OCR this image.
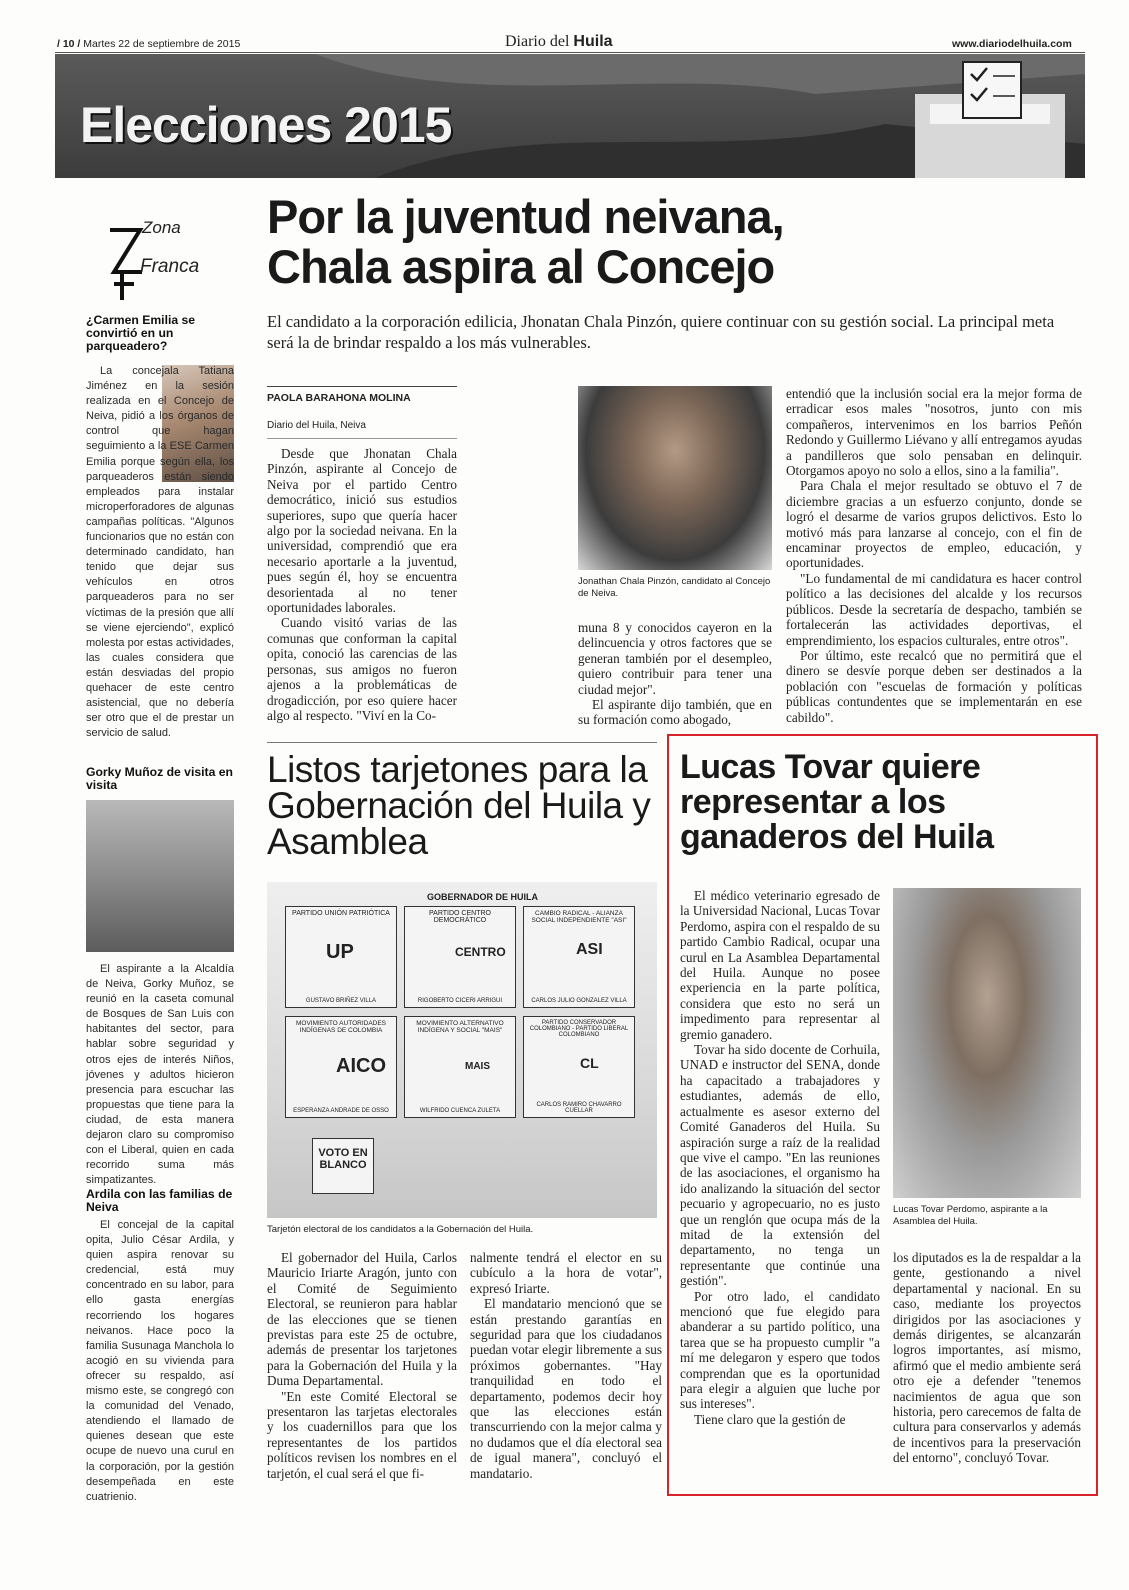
/ 10 / Martes 22 de septiembre de 2015	Diario del Huila	www.diariodelhuila.com
Elecciones 2015
Zona
Franca
¿Carmen Emilia se convirtió en un parqueadero?

La concejala Tatiana Jiménez en la sesión realizada en el Concejo de Neiva, pidió a los órganos de control que hagan seguimiento a la ESE Carmen Emilia porque según ella, los parqueaderos están siendo empleados para instalar microperforadores de algunas campañas políticas. "Algunos funcionarios que no están con determinado candidato, han tenido que dejar sus vehículos en otros parqueaderos para no ser víctimas de la presión que allí se viene ejerciendo", explicó molesta por estas actividades, las cuales considera que están desviadas del propio quehacer de este centro asistencial, que no debería ser otro que el de prestar un servicio de salud.

Gorky Muñoz de visita en visita

El aspirante a la Alcaldía de Neiva, Gorky Muñoz, se reunió en la caseta comunal de Bosques de San Luis con habitantes del sector, para hablar sobre seguridad y otros ejes de interés Niños, jóvenes y adultos hicieron presencia para escuchar las propuestas que tiene para la ciudad, de esta manera dejaron claro su compromiso con el Liberal, quien en cada recorrido suma más simpatizantes.

Ardila con las familias de Neiva

El concejal de la capital opita, Julio César Ardila, y quien aspira renovar su credencial, está muy concentrado en su labor, para ello gasta energías recorriendo los hogares neivanos. Hace poco la familia Susunaga Manchola lo acogió en su vivienda para ofrecer su respaldo, así mismo este, se congregó con la comunidad del Venado, atendiendo el llamado de quienes desean que este ocupe de nuevo una curul en la corporación, por la gestión desempeñada en este cuatrienio.

Por la juventud neivana,
Chala aspira al Concejo
El candidato a la corporación edilicia, Jhonatan Chala Pinzón, quiere continuar con su gestión social. La principal meta será la de brindar respaldo a los más vulnerables.
PAOLA BARAHONA MOLINA
Diario del Huila, Neiva

Desde que Jhonatan Chala Pinzón, aspirante al Concejo de Neiva por el partido Centro democrático, inició sus estudios superiores, supo que quería hacer algo por la sociedad neivana. En la universidad, comprendió que era necesario aportarle a la juventud, pues según él, hoy se encuentra desorientada al no tener oportunidades laborales.

Cuando visitó varias de las comunas que conforman la capital opita, conoció las carencias de las personas, sus amigos no fueron ajenos a la problemáticas de drogadicción, por eso quiere hacer algo al respecto. "Viví en la Co-

Jonathan Chala Pinzón, candidato al Concejo de Neiva.

muna 8 y conocidos cayeron en la delincuencia y otros factores que se generan también por el desempleo, quiero contribuir para tener una ciudad mejor".

El aspirante dijo también, que en su formación como abogado,

entendió que la inclusión social era la mejor forma de erradicar esos males "nosotros, junto con mis compañeros, intervenimos en los barrios Peñón Redondo y Guillermo Liévano y allí entregamos ayudas a pandilleros que solo pensaban en delinquir. Otorgamos apoyo no solo a ellos, sino a la familia".

Para Chala el mejor resultado se obtuvo el 7 de diciembre gracias a un esfuerzo conjunto, donde se logró el desarme de varios grupos delictivos. Esto lo motivó más para lanzarse al concejo, con el fin de encaminar proyectos de empleo, educación, y oportunidades.

"Lo fundamental de mi candidatura es hacer control político a las decisiones del alcalde y los recursos públicos. Desde la secretaría de despacho, también se fortalecerán las actividades deportivas, el emprendimiento, los espacios culturales, entre otros".

Por último, este recalcó que no permitirá que el dinero se desvíe porque deben ser destinados a la población con "escuelas de formación y políticas públicas contundentes que se implementarán en ese cabildo".

Listos tarjetones para la Gobernación del Huila y Asamblea
GOBERNADOR DE HUILA
PARTIDO UNIÓN PATRIÓTICA
UP
GUSTAVO BRIÑEZ VILLA
PARTIDO CENTRO DEMOCRÁTICO
CENTRO
RIGOBERTO CICERI ARRIGUI
CAMBIO RADICAL - ALIANZA SOCIAL INDEPENDIENTE "ASI"
ASI
CARLOS JULIO GONZALEZ VILLA
MOVIMIENTO AUTORIDADES INDÍGENAS DE COLOMBIA
AICO
ESPERANZA ANDRADE DE OSSO
MOVIMIENTO ALTERNATIVO INDÍGENA Y SOCIAL "MAIS"
MAIS
WILFRIDO CUENCA ZULETA
PARTIDO CONSERVADOR COLOMBIANO - PARTIDO LIBERAL COLOMBIANO
CL
CARLOS RAMIRO CHAVARRO CUELLAR
VOTO EN BLANCO
Tarjetón electoral de los candidatos a la Gobernación del Huila.

El gobernador del Huila, Carlos Mauricio Iriarte Aragón, junto con el Comité de Seguimiento Electoral, se reunieron para hablar de las elecciones que se tienen previstas para este 25 de octubre, además de presentar los tarjetones para la Gobernación del Huila y la Duma Departamental.

"En este Comité Electoral se presentaron las tarjetas electorales y los cuadernillos para que los representantes de los partidos políticos revisen los nombres en el tarjetón, el cual será el que fi-

nalmente tendrá el elector en su cubículo a la hora de votar", expresó Iriarte.

El mandatario mencionó que se están prestando garantías en seguridad para que los ciudadanos puedan votar elegir libremente a sus próximos gobernantes. "Hay tranquilidad en todo el departamento, podemos decir hoy que las elecciones están transcurriendo con la mejor calma y no dudamos que el día electoral sea de igual manera", concluyó el mandatario.

Lucas Tovar quiere representar a los ganaderos del Huila

El médico veterinario egresado de la Universidad Nacional, Lucas Tovar Perdomo, aspira con el respaldo de su partido Cambio Radical, ocupar una curul en La Asamblea Departamental del Huila. Aunque no posee experiencia en la parte política, considera que esto no será un impedimento para representar al gremio ganadero.

Tovar ha sido docente de Corhuila, UNAD e instructor del SENA, donde ha capacitado a trabajadores y estudiantes, además de ello, actualmente es asesor externo del Comité Ganaderos del Huila. Su aspiración surge a raíz de la realidad que vive el campo. "En las reuniones de las asociaciones, el organismo ha ido analizando la situación del sector pecuario y agropecuario, no es justo que un renglón que ocupa más de la mitad de la extensión del departamento, no tenga un representante que continúe una gestión".

Por otro lado, el candidato mencionó que fue elegido para abanderar a su partido político, una tarea que se ha propuesto cumplir "a mí me delegaron y espero que todos comprendan que es la oportunidad para elegir a alguien que luche por sus intereses".

Tiene claro que la gestión de

Lucas Tovar Perdomo, aspirante a la Asamblea del Huila.

los diputados es la de respaldar a la gente, gestionando a nivel departamental y nacional. En su caso, mediante los proyectos dirigidos por las asociaciones y demás dirigentes, se alcanzarán logros importantes, así mismo, afirmó que el medio ambiente será otro eje a defender "tenemos nacimientos de agua que son historia, pero carecemos de falta de cultura para conservarlos y además de incentivos para la preservación del entorno", concluyó Tovar.
